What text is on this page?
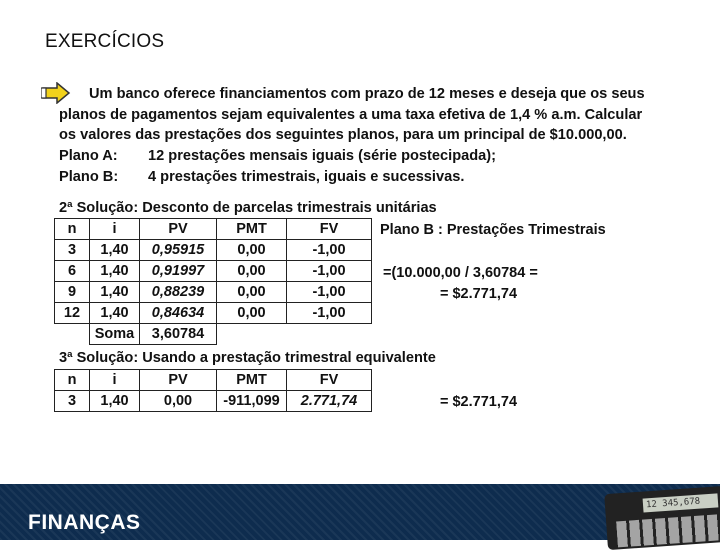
EXERCÍCIOS
Um banco oferece financiamentos com prazo de 12 meses e deseja que os seus
planos de pagamentos sejam equivalentes a uma taxa efetiva de 1,4 % a.m. Calcular
os valores das prestações dos seguintes planos, para um principal de $10.000,00.
Plano A: 12 prestações mensais iguais (série postecipada);
Plano B: 4 prestações trimestrais, iguais e sucessivas.
2ª Solução: Desconto de parcelas trimestrais unitárias
n	i	PV	PMT	FV
3	1,40	0,95915	0,00	-1,00
6	1,40	0,91997	0,00	-1,00
9	1,40	0,88239	0,00	-1,00
12	1,40	0,84634	0,00	-1,00
	Soma	3,60784		
Plano B : Prestações Trimestrais
=(10.000,00 / 3,60784 =
= $2.771,74
3ª Solução: Usando a prestação trimestral equivalente
n	i	PV	PMT	FV
3	1,40	0,00	-911,099	2.771,74	= $2.771,74
FINANÇAS
12 345,678
